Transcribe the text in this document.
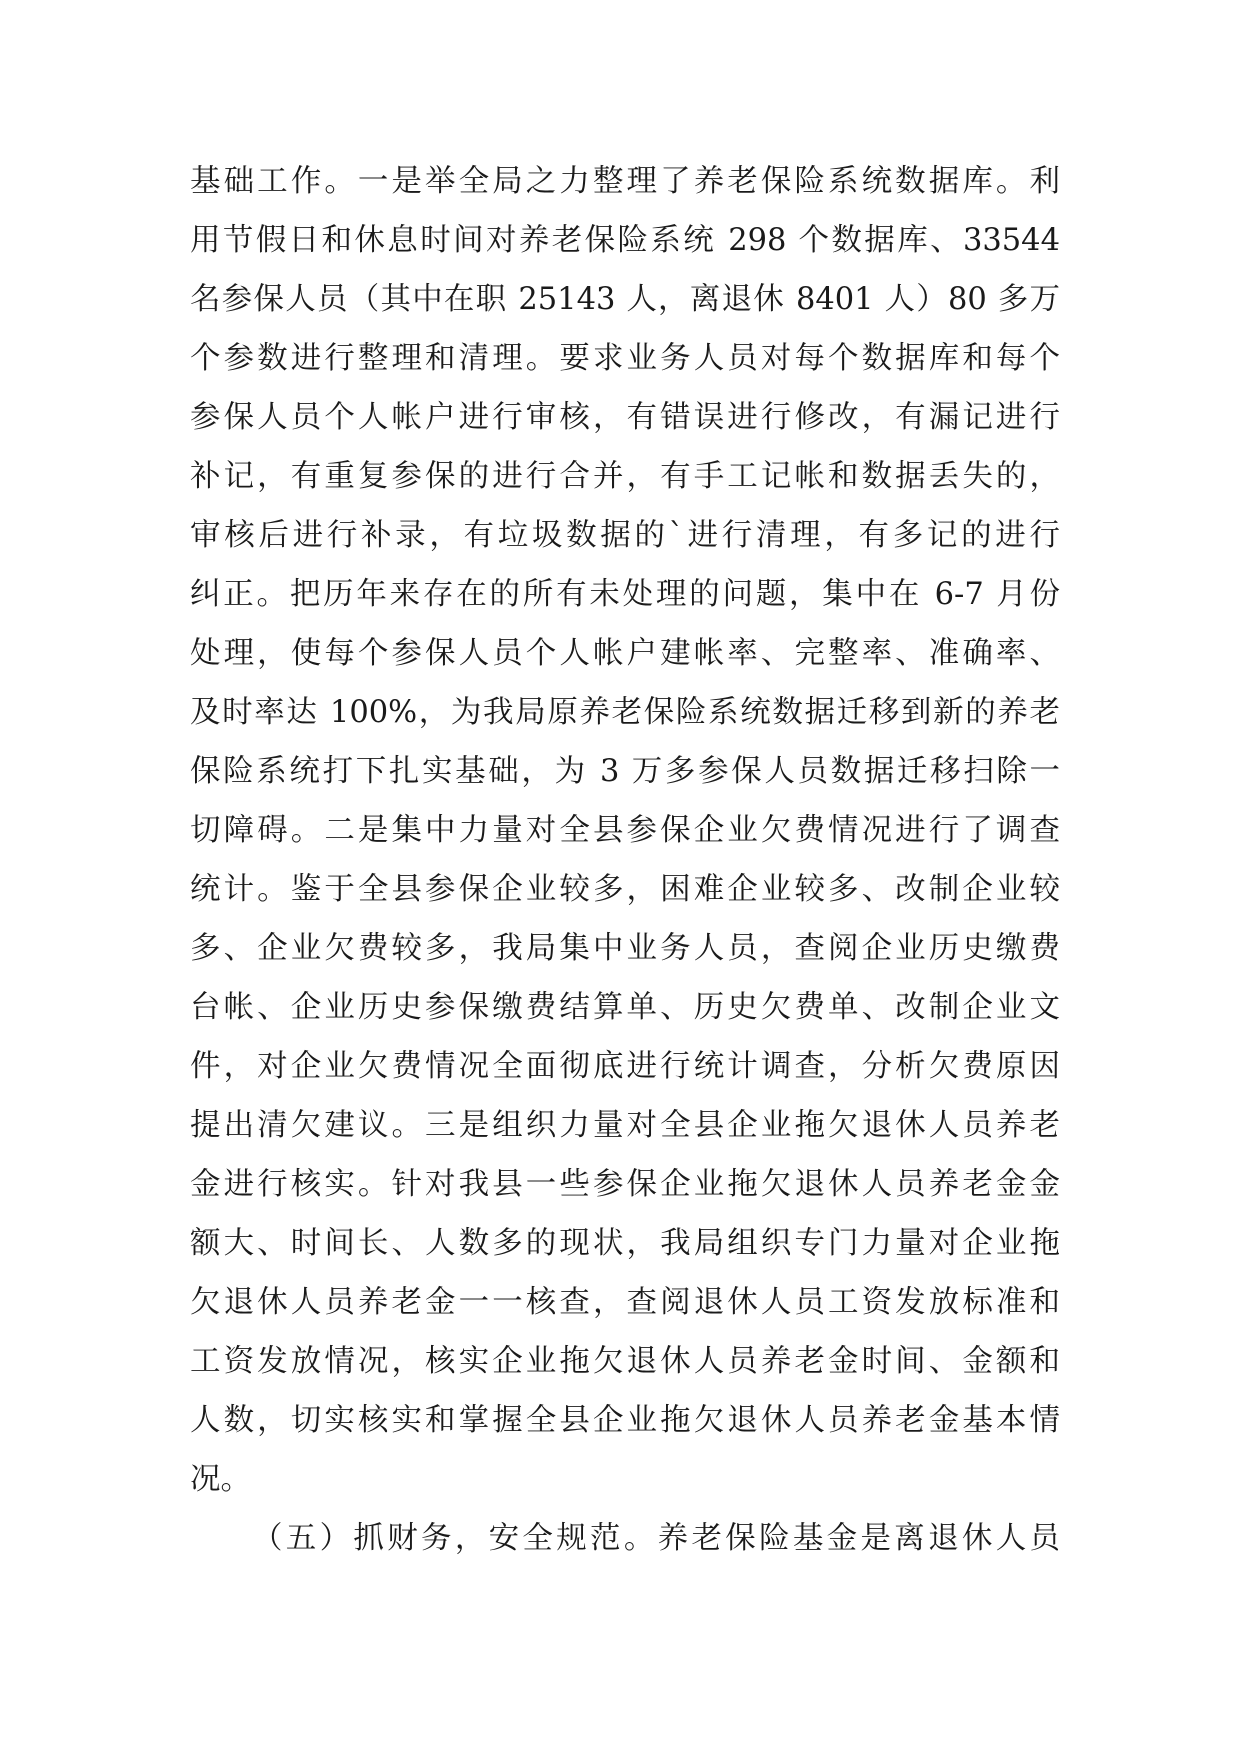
基础工作。一是举全局之力整理了养老保险系统数据库。利
用节假日和休息时间对养老保险系统 298 个数据库、33544
名参保人员（其中在职 25143 人，离退休 8401 人）80 多万
个参数进行整理和清理。要求业务人员对每个数据库和每个
参保人员个人帐户进行审核，有错误进行修改，有漏记进行
补记，有重复参保的进行合并，有手工记帐和数据丢失的，
审核后进行补录，有垃圾数据的`进行清理，有多记的进行
纠正。把历年来存在的所有未处理的问题，集中在 6-7 月份
处理，使每个参保人员个人帐户建帐率、完整率、准确率、
及时率达 100%，为我局原养老保险系统数据迁移到新的养老
保险系统打下扎实基础，为 3 万多参保人员数据迁移扫除一
切障碍。二是集中力量对全县参保企业欠费情况进行了调查
统计。鉴于全县参保企业较多，困难企业较多、改制企业较
多、企业欠费较多，我局集中业务人员，查阅企业历史缴费
台帐、企业历史参保缴费结算单、历史欠费单、改制企业文
件，对企业欠费情况全面彻底进行统计调查，分析欠费原因
提出清欠建议。三是组织力量对全县企业拖欠退休人员养老
金进行核实。针对我县一些参保企业拖欠退休人员养老金金
额大、时间长、人数多的现状，我局组织专门力量对企业拖
欠退休人员养老金一一核查，查阅退休人员工资发放标准和
工资发放情况，核实企业拖欠退休人员养老金时间、金额和
人数，切实核实和掌握全县企业拖欠退休人员养老金基本情
况。
（五）抓财务，安全规范。养老保险基金是离退休人员
